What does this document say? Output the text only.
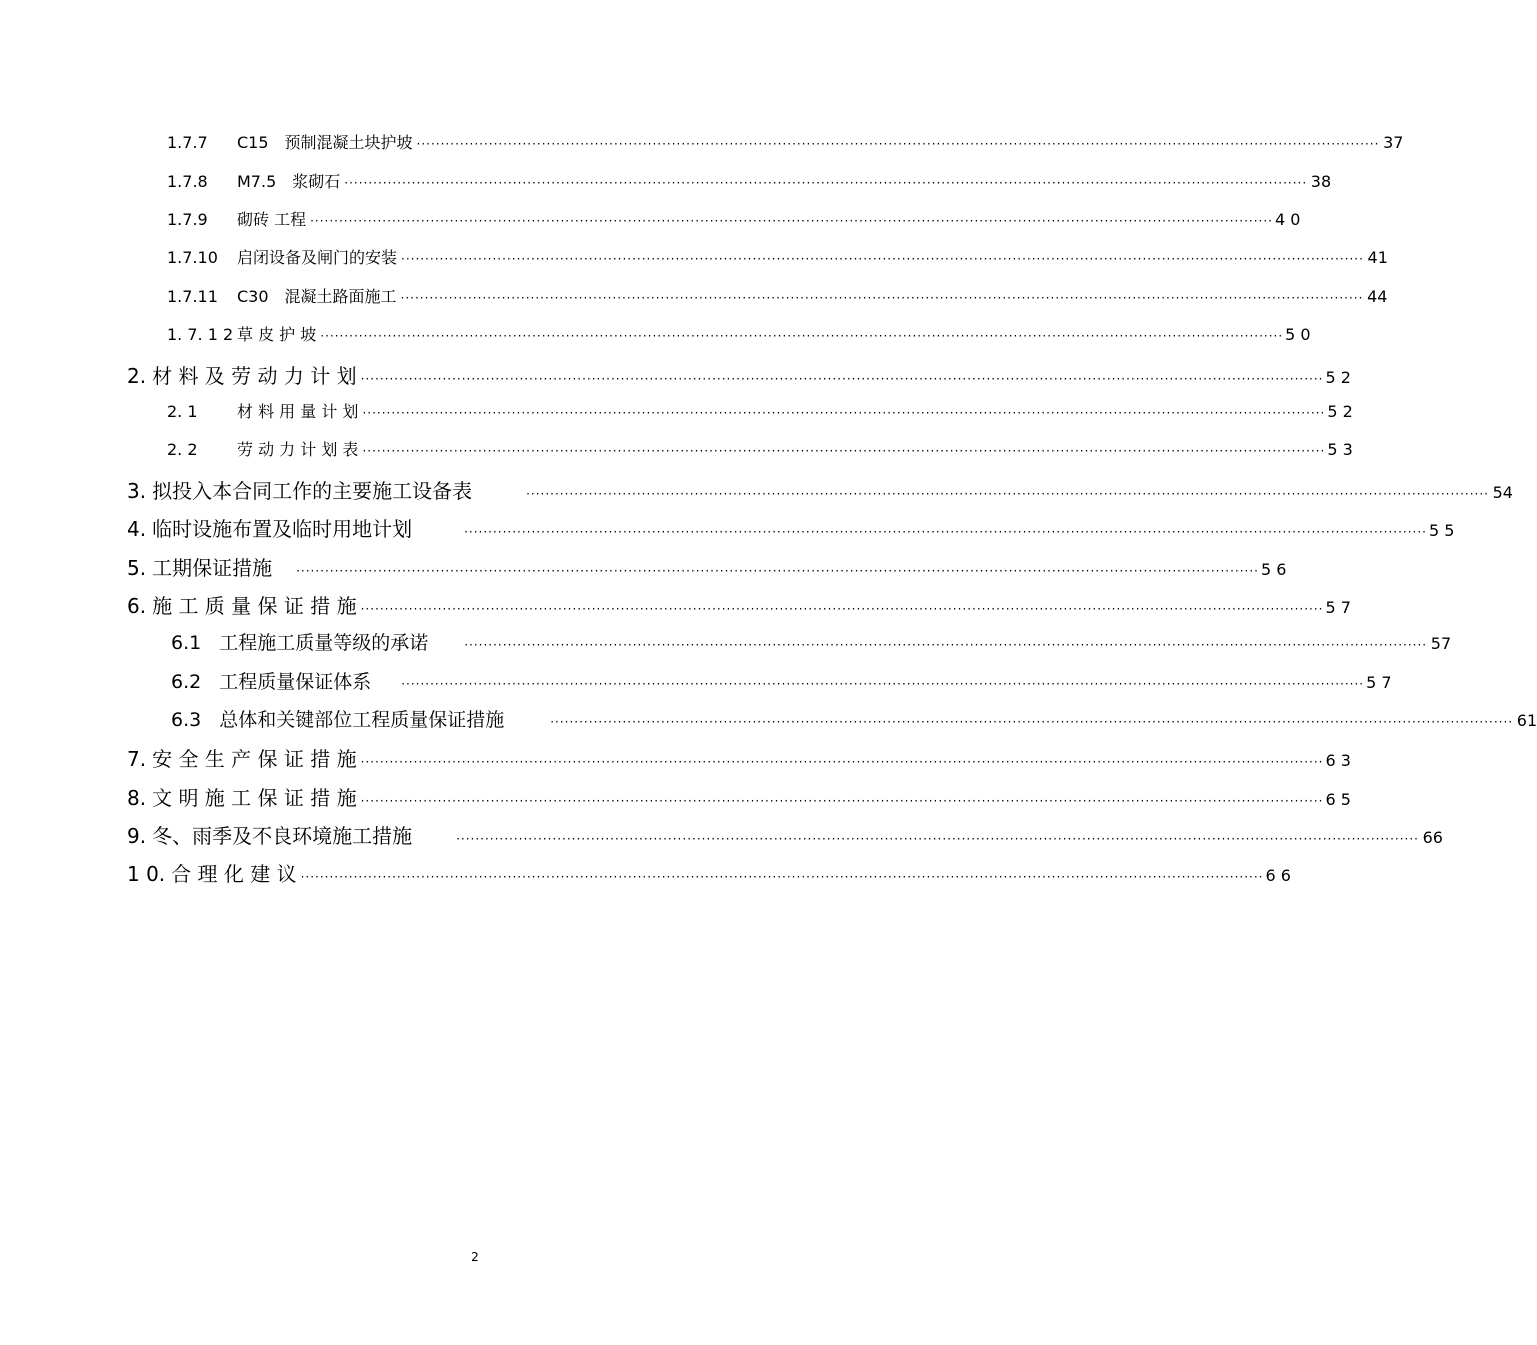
1.7.7	C15　预制混凝土块护坡 ········································································································································································································ 37
1.7.8	M7.5　浆砌石 ········································································································································································································ 38
1.7.9	砌砖 工程 ········································································································································································································ 4 0
1.7.10	启闭设备及闸门的安装 ········································································································································································································ 41
1.7.11	C30　混凝土路面施工 ········································································································································································································ 44
1. 7. 1 2 草 皮 护 坡 ········································································································································································································ 5 0
2. 材 料 及 劳 动 力 计 划 ········································································································································································································ 5 2
2. 1	材 料 用 量 计 划 ········································································································································································································ 5 2
2. 2	劳 动 力 计 划 表 ········································································································································································································ 5 3
3. 拟投入本合同工作的主要施工设备表	········································································································································································································ 54
4. 临时设施布置及临时用地计划	········································································································································································································ 5 5
5. 工期保证措施 ········································································································································································································ 5 6
6. 施 工 质 量 保 证 措 施 ········································································································································································································ 5 7
6.1 工程施工质量等级的承诺	········································································································································································································ 57
6.2 工程质量保证体系	········································································································································································································ 5 7
6.3 总体和关键部位工程质量保证措施	········································································································································································································ 61
7. 安 全 生 产 保 证 措 施 ········································································································································································································ 6 3
8. 文 明 施 工 保 证 措 施 ········································································································································································································ 6 5
9. 冬、雨季及不良环境施工措施	········································································································································································································ 66
1 0. 合 理 化 建 议 ········································································································································································································ 6 6
2
